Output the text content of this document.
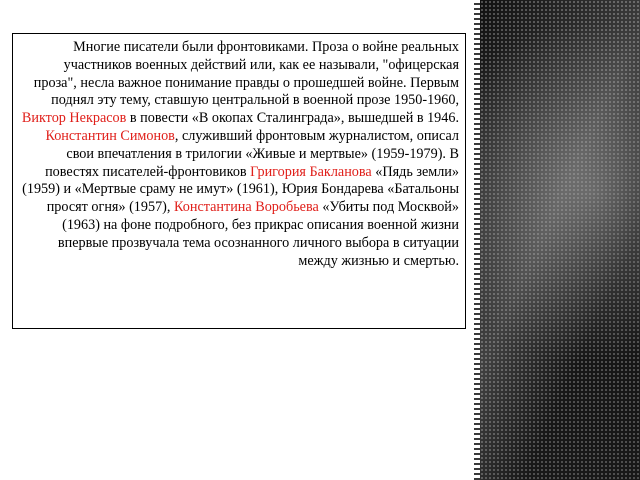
Многие писатели были фронтовиками. Проза о войне реальных участников военных действий или, как ее называли, "офицерская проза", несла важное понимание правды о прошедшей войне. Первым поднял эту тему, ставшую центральной в военной прозе 1950-1960, Виктор Некрасов в повести «В окопах Сталинграда», вышедшей в 1946. Константин Симонов, служивший фронтовым журналистом, описал свои впечатления в трилогии «Живые и мертвые» (1959-1979). В повестях писателей-фронтовиков Григория Бакланова «Пядь земли» (1959) и «Мертвые сраму не имут» (1961), Юрия Бондарева «Батальоны просят огня» (1957), Константина Воробьева «Убиты под Москвой» (1963) на фоне подробного, без прикрас описания военной жизни впервые прозвучала тема осознанного личного выбора в ситуации между жизнью и смертью.
